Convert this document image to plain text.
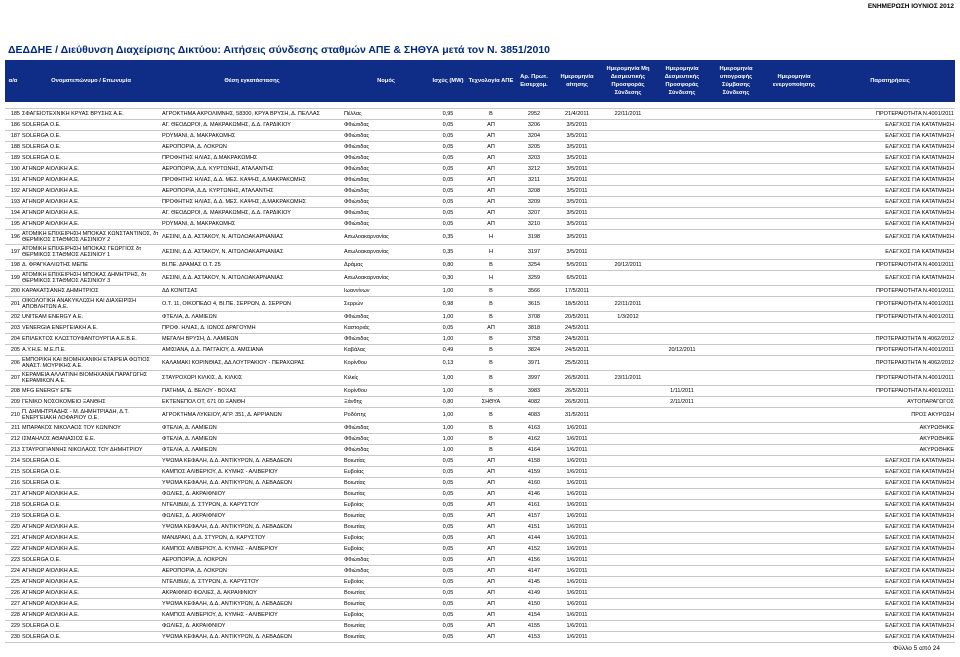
ΕΝΗΜΕΡΩΣΗ ΙΟΥΝΙΟΣ 2012
ΔΕΔΔΗΕ / Διεύθυνση Διαχείρισης Δικτύου: Αιτήσεις σύνδεσης σταθμών ΑΠΕ & ΣΗΘΥΑ μετά τον Ν. 3851/2010
α/α	Ονοματεπώνυμο / Επωνυμία	Θέση εγκατάστασης	Νομός	Ισχύς (MW)	Τεχνολογία ΑΠΕ	Αρ. Πρωτ. Εισερχομ.	Ημερομηνία αίτησης	Ημερομηνία Μη Δεσμευτικής Προσφοράς Σύνδεσης	Ημερομηνία Δεσμευτικής Προσφοράς Σύνδεσης	Ημερομηνία υπογραφής Σύμβασης Σύνδεσης	Ημερομηνία ενεργοποίησης	Παρατηρήσεις

185	ΣΦΑΓΕΙΟΤΕΧΝΙΚΗ ΚΡΥΑΣ ΒΡΥΣΗΣ Α.Ε.	ΑΓΡΟΚΤΗΜΑ ΑΚΡΟΛΙΜΝΗΣ, 58300, ΚΡΥΑ ΒΡΥΣΗ, Δ. ΠΕΛΛΑΣ	Πέλλας	0,95	Β	2952	21/4/2011	22/11/2011				ΠΡΟΤΕΡΑΙΟΤΗΤΑ Ν.4001/2011
186	SOLERGA O.E.	ΑΓ. ΘΕΟΔΩΡΟΙ, Δ. ΜΑΚΡΑΚΩΜΗΣ, Δ.Δ. ΓΑΡΔΙΚΙΟΥ	Φθιώτιδας	0,05	ΑΠ	3206	3/5/2011					ΕΛΕΓΧΟΣ ΓΙΑ ΚΑΤΑΤΜΗΣΗ
187	SOLERGA O.E.	ΡΟΥΜΑΝΙ, Δ. ΜΑΚΡΑΚΩΜΗΣ	Φθιώτιδας	0,05	ΑΠ	3204	3/5/2011					ΕΛΕΓΧΟΣ ΓΙΑ ΚΑΤΑΤΜΗΣΗ
188	SOLERGA O.E.	ΑΕΡΟΠΟΡΙΑ, Δ. ΛΟΚΡΩΝ	Φθιώτιδας	0,05	ΑΠ	3205	3/5/2011					ΕΛΕΓΧΟΣ ΓΙΑ ΚΑΤΑΤΜΗΣΗ
189	SOLERGA O.E.	ΠΡΟΦΗΤΗΣ ΗΛΙΑΣ, Δ.ΜΑΚΡΑΚΩΜΗΣ	Φθιώτιδας	0,05	ΑΠ	3203	3/5/2011					ΕΛΕΓΧΟΣ ΓΙΑ ΚΑΤΑΤΜΗΣΗ
190	ΑΓΗΝΩΡ ΑΙΟΛΙΚΗ Α.Ε.	ΑΕΡΟΠΟΡΙΑ, Δ.Δ. ΚΥΡΤΩΝΗΣ, ΑΤΑΛΑΝΤΗΣ	Φθιώτιδας	0,05	ΑΠ	3212	3/5/2011					ΕΛΕΓΧΟΣ ΓΙΑ ΚΑΤΑΤΜΗΣΗ
191	ΑΓΗΝΩΡ ΑΙΟΛΙΚΗ Α.Ε.	ΠΡΟΦΗΤΗΣ ΗΛΙΑΣ, Δ.Δ. ΜΕΣ. ΚΑΨΗΣ, Δ.ΜΑΚΡΑΚΩΜΗΣ	Φθιώτιδας	0,05	ΑΠ	3211	3/5/2011					ΕΛΕΓΧΟΣ ΓΙΑ ΚΑΤΑΤΜΗΣΗ
192	ΑΓΗΝΩΡ ΑΙΟΛΙΚΗ Α.Ε.	ΑΕΡΟΠΟΡΙΑ, Δ.Δ. ΚΥΡΤΩΝΗΣ, ΑΤΑΛΑΝΤΗΣ	Φθιώτιδας	0,05	ΑΠ	3208	3/5/2011					ΕΛΕΓΧΟΣ ΓΙΑ ΚΑΤΑΤΜΗΣΗ
193	ΑΓΗΝΩΡ ΑΙΟΛΙΚΗ Α.Ε.	ΠΡΟΦΗΤΗΣ ΗΛΙΑΣ, Δ.Δ. ΜΕΣ. ΚΑΨΗΣ, Δ.ΜΑΚΡΑΚΩΜΗΣ	Φθιώτιδας	0,05	ΑΠ	3209	3/5/2011					ΕΛΕΓΧΟΣ ΓΙΑ ΚΑΤΑΤΜΗΣΗ
194	ΑΓΗΝΩΡ ΑΙΟΛΙΚΗ Α.Ε.	ΑΓ. ΘΕΟΔΩΡΟΙ, Δ. ΜΑΚΡΑΚΩΜΗΣ, Δ.Δ. ΓΑΡΔΙΚΙΟΥ	Φθιώτιδας	0,05	ΑΠ	3207	3/5/2011					ΕΛΕΓΧΟΣ ΓΙΑ ΚΑΤΑΤΜΗΣΗ
195	ΑΓΗΝΩΡ ΑΙΟΛΙΚΗ Α.Ε.	ΡΟΥΜΑΝΙ, Δ. ΜΑΚΡΑΚΩΜΗΣ	Φθιώτιδας	0,05	ΑΠ	3210	3/5/2011					ΕΛΕΓΧΟΣ ΓΙΑ ΚΑΤΑΤΜΗΣΗ
196	ΑΤΟΜΙΚΗ ΕΠΙΧΕΙΡΗΣΗ ΜΠΟΚΑΣ ΚΩΝΣΤΑΝΤΙΝΟΣ, δτ ΘΕΡΜΙΚΟΣ ΣΤΑΘΜΟΣ ΛΕΣΙΝΙΟΥ 2	ΛΕΣΙΝΙ, Δ.Δ. ΑΣΤΑΚΟΥ, Ν. ΑΙΤΩΛΟΑΚΑΡΝΑΝΙΑΣ	Αιτωλοακαρνανίας	0,35	Η	3198	3/5/2011					ΕΛΕΓΧΟΣ ΓΙΑ ΚΑΤΑΤΜΗΣΗ
197	ΑΤΟΜΙΚΗ ΕΠΙΧΕΙΡΗΣΗ ΜΠΟΚΑΣ ΓΕΩΡΓΙΟΣ δτ ΘΕΡΜΙΚΟΣ ΣΤΑΘΜΟΣ ΛΕΣΙΝΙΟΥ 1	ΛΕΣΙΝΙ, Δ.Δ. ΑΣΤΑΚΟΥ, Ν. ΑΙΤΩΛΟΑΚΑΡΝΑΝΙΑΣ	Αιτωλοακαρνανίας	0,35	Η	3197	3/5/2011					ΕΛΕΓΧΟΣ ΓΙΑ ΚΑΤΑΤΜΗΣΗ
198	Δ. ΦΡΑΓΚΑΛΙΩΤΗΣ ΜΕΠΕ	ΒΙ.ΠΕ. ΔΡΑΜΑΣ Ο.Τ. 25	Δράμας	0,80	Β	3254	5/5/2011	20/12/2011				ΠΡΟΤΕΡΑΙΟΤΗΤΑ Ν.4001/2011
199	ΑΤΟΜΙΚΗ ΕΠΙΧΕΙΡΗΣΗ ΜΠΟΚΑΣ ΔΗΜΗΤΡΗΣ, δτ ΘΕΡΜΙΚΟΣ ΣΤΑΘΜΟΣ ΛΕΣΙΝΙΟΥ 3	ΛΕΣΙΝΙ, Δ.Δ. ΑΣΤΑΚΟΥ, Ν. ΑΙΤΩΛΟΑΚΑΡΝΑΝΙΑΣ	Αιτωλοακαρνανίας	0,30	Η	3259	6/5/2011					ΕΛΕΓΧΟΣ ΓΙΑ ΚΑΤΑΤΜΗΣΗ
200	ΚΑΡΑΚΑΤΣΑΝΗΣ ΔΗΜΗΤΡΙΟΣ	ΔΔ ΚΟΝΙΤΣΑΣ	Ιωαννίνων	1,00	Β	3566	17/5/2011					ΠΡΟΤΕΡΑΙΟΤΗΤΑ Ν.4001/2011
201	ΟΙΚΟΛΟΓΙΚΗ ΑΝΑΚΥΚΛΩΣΗ ΚΑΙ ΔΙΑΧΕΙΡΙΣΗ ΑΠΟΒΛΗΤΩΝ Α.Ε.	Ο.Τ. 11, ΟΙΚΟΠΕΔΟ 4, ΒΙ.ΠΕ. ΣΕΡΡΩΝ, Δ. ΣΕΡΡΩΝ	Σερρών	0,98	Β	3615	18/5/2011	22/11/2011				ΠΡΟΤΕΡΑΙΟΤΗΤΑ Ν.4001/2011
202	UNITEAM ENERGY A.E.	ΦΤΕΛΙΑ, Δ. ΛΑΜΙΕΩΝ	Φθιώτιδας	1,00	Β	3708	20/5/2011	1/3/2012				ΠΡΟΤΕΡΑΙΟΤΗΤΑ Ν.4001/2011
203	VENERGIA ΕΝΕΡΓΕΙΑΚΗ Α.Ε.	ΠΡΟΦ. ΗΛΙΑΣ, Δ. ΙΩΝΟΣ ΔΡΑΓΟΥΜΗ	Καστοριάς	0,05	ΑΠ	3818	24/5/2011					
204	ΕΠΙΛΕΚΤΟΣ ΚΛΩΣΤΟΥΦΑΝΤΟΥΡΓΙΑ Α.Ε.Β.Ε.	ΜΕΓΑΛΗ ΒΡΥΣΗ, Δ. ΛΑΜΙΕΩΝ	Φθιώτιδας	1,00	Β	3758	24/5/2011					ΠΡΟΤΕΡΑΙΟΤΗΤΑ Ν.4062/2012
205	Α.Υ.Η.Ε. Μ.Ε.Π.Ε.	ΑΜΙΣΙΑΝΑ, Δ.Δ. ΠΑΓΓΑΙΟΥ, Δ. ΑΜΙΣΙΑΝΑ	Καβάλας	0,49	Β	3824	24/5/2011		20/12/2011			ΠΡΟΤΕΡΑΙΟΤΗΤΑ Ν.4001/2011
206	ΕΜΠΟΡΙΚΗ ΚΑΙ ΒΙΟΜΗΧΑΝΙΚΗ ΕΤΑΙΡΕΙΑ ΦΩΤΙΟΣ ΑΝΑΣΤ. ΜΟΥΡΙΚΗΣ Α.Ε.	ΚΑΛΑΜΑΚΙ ΚΟΡΙΝΘΙΑΣ, ΔΔ ΛΟΥΤΡΑΚΙΟΥ - ΠΕΡΑΧΩΡΑΣ	Κορίνθου	0,13	Β	3971	25/5/2011					ΠΡΟΤΕΡΑΙΟΤΗΤΑ Ν.4062/2012
207	ΚΕΡΑΜΕΙΑ ΑΛΛΑΤΙΝΗ ΒΙΟΜΗΧΑΝΙΑ ΠΑΡΑΓΩΓΗΣ ΚΕΡΑΜΙΚΩΝ Α.Ε.	ΣΤΑΥΡΟΧΩΡΙ ΚΙΛΚΙΣ, Δ. ΚΙΛΚΙΣ	Κιλκίς	1,00	Β	3997	26/5/2011	23/11/2011				ΠΡΟΤΕΡΑΙΟΤΗΤΑ Ν.4001/2011
208	MFG ENERGY ΕΠΕ	ΠΑΤΗΜΑ, Δ. ΒΕΛΟΥ - ΒΟΧΑΣ	Κορίνθου	1,00	Β	3983	26/5/2011		1/11/2011			ΠΡΟΤΕΡΑΙΟΤΗΤΑ Ν.4001/2011
209	ΓΕΝΙΚΟ ΝΟΣΟΚΟΜΕΙΟ ΞΑΝΘΗΣ	ΕΚΤΕΝΕΠΟΛ ΟΤ, 671 00 ΞΑΝΘΗ	Ξάνθης	0,80	ΣΗΘΥΑ	4082	26/5/2011		2/11/2011			ΑΥΤΟΠΑΡΑΓΩΓΟΣ
210	Π. ΔΗΜΗΤΡΙΑΔΗΣ - Μ. ΔΗΜΗΤΡΙΑΔΗ, Δ.Τ. ΕΝΕΡΓΕΙΑΚΗ ΛΟΦΑΡΙΟΥ Ο.Ε.	ΑΓΡΟΚΤΗΜΑ ΛΥΚΕΙΟΥ, ΑΓΡ. 351, Δ. ΑΡΡΙΑΝΩΝ	Ροδόπης	1,00	Β	4083	31/5/2011					ΠΡΟΣ ΑΚΥΡΩΣΗ
211	ΜΠΑΡΑΚΟΣ ΝΙΚΟΛΑΟΣ ΤΟΥ ΚΩΝ/ΝΟΥ	ΦΤΕΛΙΑ, Δ. ΛΑΜΙΕΩΝ	Φθιώτιδας	1,00	Β	4163	1/6/2011					ΑΚΥΡΩΘΗΚΕ
212	ΙΣΜΑΗΛΟΣ ΑΘΑΝΑΣΙΟΣ Ε.Ε.	ΦΤΕΛΙΑ, Δ. ΛΑΜΙΕΩΝ	Φθιώτιδας	1,00	Β	4162	1/6/2011					ΑΚΥΡΩΘΗΚΕ
213	ΣΤΑΥΡΟΓΙΑΝΝΗΣ ΝΙΚΟΛΑΟΣ ΤΟΥ ΔΗΜΗΤΡΙΟΥ	ΦΤΕΛΙΑ, Δ. ΛΑΜΙΕΩΝ	Φθιώτιδας	1,00	Β	4164	1/6/2011					ΑΚΥΡΩΘΗΚΕ
214	SOLERGA O.E.	ΥΨΩΜΑ ΚΕΦΑΛΗ, Δ.Δ. ΑΝΤΙΚΥΡΩΝ, Δ. ΛΕΒΑΔΕΩΝ	Βοιωτίας	0,05	ΑΠ	4158	1/6/2011					ΕΛΕΓΧΟΣ ΓΙΑ ΚΑΤΑΤΜΗΣΗ
215	SOLERGA O.E.	ΚΑΜΠΟΣ ΑΛΙΒΕΡΙΟΥ, Δ. ΚΥΜΗΣ - ΑΛΙΒΕΡΙΟΥ	Ευβοίας	0,05	ΑΠ	4159	1/6/2011					ΕΛΕΓΧΟΣ ΓΙΑ ΚΑΤΑΤΜΗΣΗ
216	SOLERGA O.E.	ΥΨΩΜΑ ΚΕΦΑΛΗ, Δ.Δ. ΑΝΤΙΚΥΡΩΝ, Δ. ΛΕΒΑΔΕΩΝ	Βοιωτίας	0,05	ΑΠ	4160	1/6/2011					ΕΛΕΓΧΟΣ ΓΙΑ ΚΑΤΑΤΜΗΣΗ
217	ΑΓΗΝΩΡ ΑΙΟΛΙΚΗ Α.Ε.	ΦΩΛΙΕΣ, Δ. ΑΚΡΑΙΦΝΙΟΥ	Βοιωτίας	0,05	ΑΠ	4146	1/6/2011					ΕΛΕΓΧΟΣ ΓΙΑ ΚΑΤΑΤΜΗΣΗ
218	SOLERGA O.E.	ΝΤΕΛΙΒΙΔΙ, Δ. ΣΤΥΡΩΝ, Δ. ΚΑΡΥΣΤΟΥ	Ευβοίας	0,05	ΑΠ	4161	1/6/2011					ΕΛΕΓΧΟΣ ΓΙΑ ΚΑΤΑΤΜΗΣΗ
219	SOLERGA O.E.	ΦΩΛΙΕΣ, Δ. ΑΚΡΑΙΦΝΙΟΥ	Βοιωτίας	0,05	ΑΠ	4157	1/6/2011					ΕΛΕΓΧΟΣ ΓΙΑ ΚΑΤΑΤΜΗΣΗ
220	ΑΓΗΝΩΡ ΑΙΟΛΙΚΗ Α.Ε.	ΥΨΩΜΑ ΚΕΦΑΛΗ, Δ.Δ. ΑΝΤΙΚΥΡΩΝ, Δ. ΛΕΒΑΔΕΩΝ	Βοιωτίας	0,05	ΑΠ	4151	1/6/2011					ΕΛΕΓΧΟΣ ΓΙΑ ΚΑΤΑΤΜΗΣΗ
221	ΑΓΗΝΩΡ ΑΙΟΛΙΚΗ Α.Ε.	ΜΑΝΔΡΑΚΙ, Δ.Δ. ΣΤΥΡΩΝ, Δ. ΚΑΡΥΣΤΟΥ	Ευβοίας	0,05	ΑΠ	4144	1/6/2011					ΕΛΕΓΧΟΣ ΓΙΑ ΚΑΤΑΤΜΗΣΗ
222	ΑΓΗΝΩΡ ΑΙΟΛΙΚΗ Α.Ε.	ΚΑΜΠΟΣ ΑΛΙΒΕΡΙΟΥ, Δ. ΚΥΜΗΣ - ΑΛΙΒΕΡΙΟΥ	Ευβοίας	0,05	ΑΠ	4152	1/6/2011					ΕΛΕΓΧΟΣ ΓΙΑ ΚΑΤΑΤΜΗΣΗ
223	SOLERGA O.E.	ΑΕΡΟΠΟΡΙΑ, Δ. ΛΟΚΡΩΝ	Φθιώτιδας	0,05	ΑΠ	4156	1/6/2011					ΕΛΕΓΧΟΣ ΓΙΑ ΚΑΤΑΤΜΗΣΗ
224	ΑΓΗΝΩΡ ΑΙΟΛΙΚΗ Α.Ε.	ΑΕΡΟΠΟΡΙΑ, Δ. ΛΟΚΡΩΝ	Φθιώτιδας	0,05	ΑΠ	4147	1/6/2011					ΕΛΕΓΧΟΣ ΓΙΑ ΚΑΤΑΤΜΗΣΗ
225	ΑΓΗΝΩΡ ΑΙΟΛΙΚΗ Α.Ε.	ΝΤΕΛΙΒΙΔΙ, Δ. ΣΤΥΡΩΝ, Δ. ΚΑΡΥΣΤΟΥ	Ευβοίας	0,05	ΑΠ	4145	1/6/2011					ΕΛΕΓΧΟΣ ΓΙΑ ΚΑΤΑΤΜΗΣΗ
226	ΑΓΗΝΩΡ ΑΙΟΛΙΚΗ Α.Ε.	ΑΚΡΑΙΦΝΙΟ ΦΩΛΙΕΣ, Δ. ΑΚΡΑΙΦΝΙΟΥ	Βοιωτίας	0,05	ΑΠ	4149	1/6/2011					ΕΛΕΓΧΟΣ ΓΙΑ ΚΑΤΑΤΜΗΣΗ
227	ΑΓΗΝΩΡ ΑΙΟΛΙΚΗ Α.Ε.	ΥΨΩΜΑ ΚΕΦΑΛΗ, Δ.Δ. ΑΝΤΙΚΥΡΩΝ, Δ. ΛΕΒΑΔΕΩΝ	Βοιωτίας	0,05	ΑΠ	4150	1/6/2011					ΕΛΕΓΧΟΣ ΓΙΑ ΚΑΤΑΤΜΗΣΗ
228	ΑΓΗΝΩΡ ΑΙΟΛΙΚΗ Α.Ε.	ΚΑΜΠΟΣ ΑΛΙΒΕΡΙΟΥ, Δ. ΚΥΜΗΣ - ΑΛΙΒΕΡΙΟΥ	Ευβοίας	0,05	ΑΠ	4154	1/6/2011					ΕΛΕΓΧΟΣ ΓΙΑ ΚΑΤΑΤΜΗΣΗ
229	SOLERGA O.E.	ΦΩΛΙΕΣ, Δ. ΑΚΡΑΙΦΝΙΟΥ	Βοιωτίας	0,05	ΑΠ	4155	1/6/2011					ΕΛΕΓΧΟΣ ΓΙΑ ΚΑΤΑΤΜΗΣΗ
230	SOLERGA O.E.	ΥΨΩΜΑ ΚΕΦΑΛΗ, Δ.Δ. ΑΝΤΙΚΥΡΩΝ, Δ. ΛΕΒΑΔΕΩΝ	Βοιωτίας	0,05	ΑΠ	4153	1/6/2011					ΕΛΕΓΧΟΣ ΓΙΑ ΚΑΤΑΤΜΗΣΗ
Φύλλο 5 από 24
